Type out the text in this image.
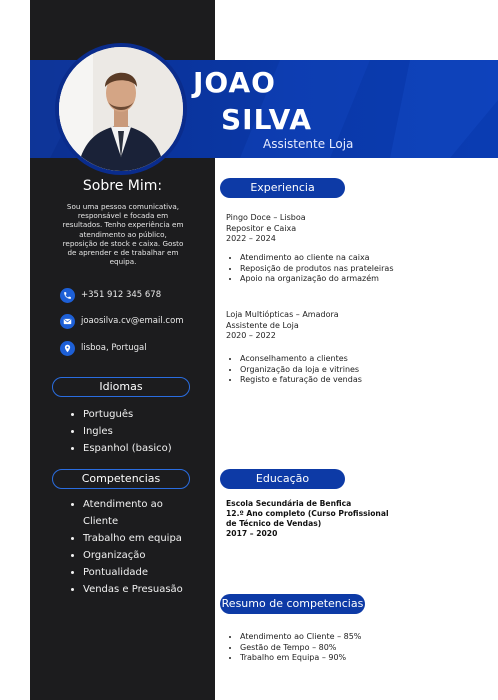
JOAO
SILVA
Assistente Loja
Sobre Mim:
Sou uma pessoa comunicativa, responsável e focada em resultados. Tenho experiência em atendimento ao público, reposição de stock e caixa. Gosto de aprender e de trabalhar em equipa.
+351 912 345 678
joaosilva.cv@email.com
lisboa, Portugal
Idiomas
• Português
• Ingles
• Espanhol (basico)
Competencias
• Atendimento ao
Cliente
• Trabalho em equipa
• Organização
• Pontualidade
• Vendas e Presuasão
Experiencia
Pingo Doce – Lisboa
Repositor e Caixa
2022 – 2024
• Atendimento ao cliente na caixa
• Reposição de produtos nas prateleiras
• Apoio na organização do armazém
Loja Multiópticas – Amadora
Assistente de Loja
2020 – 2022
• Aconselhamento a clientes
• Organização da loja e vitrines
• Registo e faturação de vendas
Educação
Escola Secundária de Benfica
12.º Ano completo (Curso Profissional de Técnico de Vendas)
2017 – 2020
Resumo de competencias
• Atendimento ao Cliente – 85%
• Gestão de Tempo – 80%
• Trabalho em Equipa – 90%
